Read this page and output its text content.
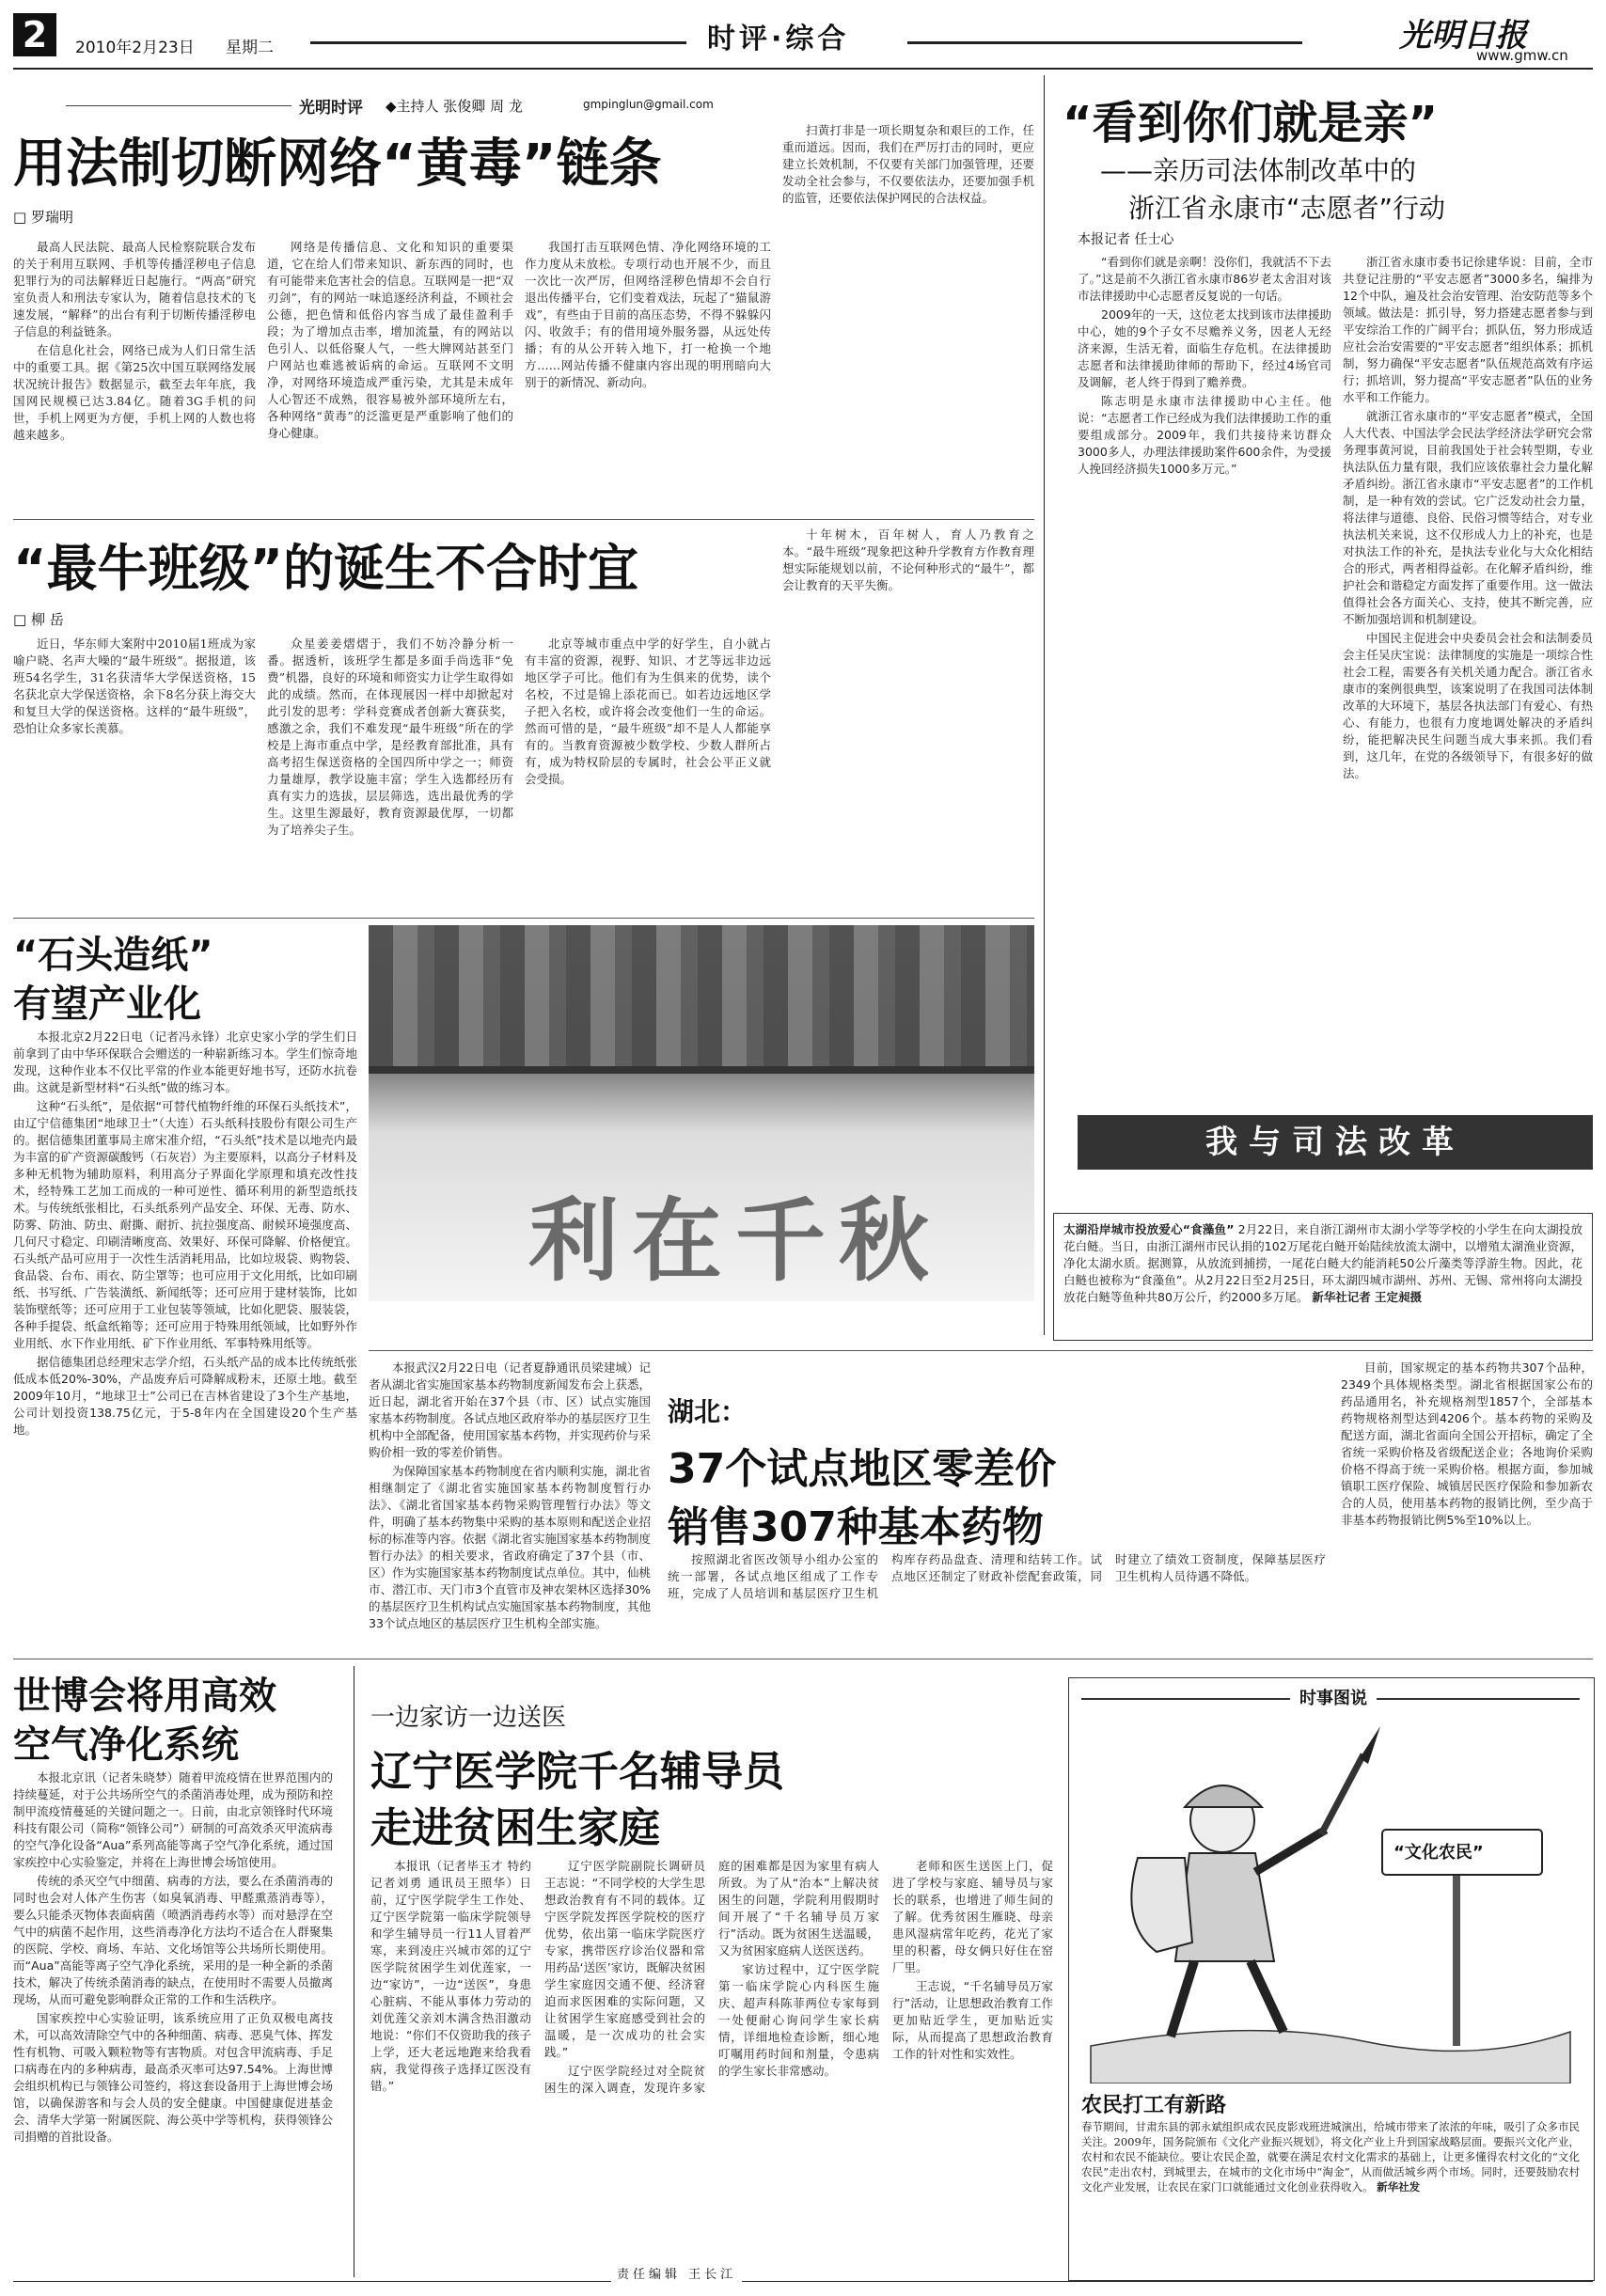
2	2010年2月23日 星期二	时评·综合	光明日报
www.gmw.cn
光明时评 ◆主持人 张俊卿 周 龙	gmpinglun@gmail.com
用法制切断网络“黄毒”链条
□ 罗瑞明

最高人民法院、最高人民检察院联合发布的关于利用互联网、手机等传播淫秽电子信息犯罪行为的司法解释近日起施行。“两高”研究室负责人和刑法专家认为，随着信息技术的飞速发展，“解释”的出台有利于切断传播淫秽电子信息的利益链条。

在信息化社会，网络已成为人们日常生活中的重要工具。据《第25次中国互联网络发展状况统计报告》数据显示，截至去年年底，我国网民规模已达3.84亿。随着3G手机的问世，手机上网更为方便，手机上网的人数也将越来越多。

网络是传播信息、文化和知识的重要渠道，它在给人们带来知识、新东西的同时，也有可能带来危害社会的信息。互联网是一把“双刃剑”，有的网站一味追逐经济利益，不顾社会公德，把色情和低俗内容当成了最佳盈利手段；为了增加点击率，增加流量，有的网站以色引人、以低俗聚人气，一些大牌网站甚至门户网站也难逃被诟病的命运。互联网不文明净，对网络环境造成严重污染，尤其是未成年人心智还不成熟，很容易被外部环境所左右，各种网络“黄毒”的泛滥更是严重影响了他们的身心健康。

我国打击互联网色情、净化网络环境的工作力度从未放松。专项行动也开展不少，而且一次比一次严厉，但网络淫秽色情却不会自行退出传播平台，它们变着戏法，玩起了“猫鼠游戏”，有些由于目前的高压态势，不得不躲躲闪闪、收敛手；有的借用境外服务器，从远处传播；有的从公开转入地下，打一枪换一个地方……网站传播不健康内容出现的明刑暗向大别于的新情况、新动向。

扫黄打非是一项长期复杂和艰巨的工作，任重而道远。因而，我们在严厉打击的同时，更应建立长效机制，不仅要有关部门加强管理，还要发动全社会参与，不仅要依法办，还要加强手机的监管，还要依法保护网民的合法权益。

“最牛班级”的诞生不合时宜
□ 柳 岳

近日，华东师大案附中2010届1班成为家喻户晓、名声大噪的“最牛班级”。据报道，该班54名学生，31名获清华大学保送资格，15名获北京大学保送资格，余下8名分获上海交大和复旦大学的保送资格。这样的“最牛班级”，恐怕让众多家长羡慕。

众星姜姜熠熠于，我们不妨冷静分析一番。据透析，该班学生都是多面手尚选菲“免费”机器，良好的环境和师资实力让学生取得如此的成绩。然而，在体现展因一样中却掀起对此引发的思考：学科竞赛成者创新大赛获奖，感激之余，我们不难发现“最牛班级”所在的学校是上海市重点中学，是经教育部批准，具有高考招生保送资格的全国四所中学之一；师资力量雄厚，教学设施丰富；学生入选都经历有真有实力的选拔，层层筛选，选出最优秀的学生。这里生源最好，教育资源最优厚，一切都为了培养尖子生。

北京等城市重点中学的好学生，自小就占有丰富的资源，视野、知识、才艺等远非边远地区学子可比。他们有为生俱来的优势，读个名校，不过是锦上添花而已。如若边远地区学子把入名校，或许将会改变他们一生的命运。然而可惜的是，“最牛班级”却不是人人都能享有的。当教育资源被少数学校、少数人群所占有，成为特权阶层的专属时，社会公平正义就会受损。

十年树木，百年树人，育人乃教育之本。“最牛班级”现象把这种升学教育方作教育理想实际能规划以前，不论何种形式的“最牛”，都会让教育的天平失衡。

“看到你们就是亲”
——亲历司法体制改革中的
浙江省永康市“志愿者”行动
本报记者 任士心

“看到你们就是亲啊！没你们，我就活不下去了。”这是前不久浙江省永康市86岁老太舍泪对该市法律援助中心志愿者反复说的一句话。

2009年的一天，这位老太找到该市法律援助中心，她的9个子女不尽赡养义务，因老人无经济来源，生活无着，面临生存危机。在法律援助志愿者和法律援助律师的帮助下，经过4场官司及调解，老人终于得到了赡养费。

陈志明是永康市法律援助中心主任。他说：“志愿者工作已经成为我们法律援助工作的重要组成部分。2009年，我们共接待来访群众3000多人，办理法律援助案件600余件，为受援人挽回经济损失1000多万元。”

浙江省永康市委书记徐建华说：目前，全市共登记注册的“平安志愿者”3000多名，编排为12个中队，遍及社会治安管理、治安防范等多个领域。做法是：抓引导，努力搭建志愿者参与到平安综治工作的广阔平台；抓队伍，努力形成适应社会治安需要的“平安志愿者”组织体系；抓机制，努力确保“平安志愿者”队伍规范高效有序运行；抓培训，努力提高“平安志愿者”队伍的业务水平和工作能力。

就浙江省永康市的“平安志愿者”模式，全国人大代表、中国法学会民法学经济法学研究会常务理事黄河说，目前我国处于社会转型期，专业执法队伍力量有限，我们应该依靠社会力量化解矛盾纠纷。浙江省永康市“平安志愿者”的工作机制，是一种有效的尝试。它广泛发动社会力量，将法律与道德、良俗、民俗习惯等结合，对专业执法机关来说，这不仅形成人力上的补充，也是对执法工作的补充，是执法专业化与大众化相结合的形式，两者相得益彰。在化解矛盾纠纷，维护社会和谐稳定方面发挥了重要作用。这一做法值得社会各方面关心、支持，使其不断完善，应不断加强培训和机制建设。

中国民主促进会中央委员会社会和法制委员会主任吴庆宝说：法律制度的实施是一项综合性社会工程，需要各有关机关通力配合。浙江省永康市的案例很典型，该案说明了在我国司法体制改革的大环境下，基层各执法部门有爱心、有热心、有能力，也很有力度地调处解决的矛盾纠纷，能把解决民生问题当成大事来抓。我们看到，这几年，在党的各级领导下，有很多好的做法。

我与司法改革
利在千秋
“石头造纸”
有望产业化

本报北京2月22日电（记者冯永锋）北京史家小学的学生们日前拿到了由中华环保联合会赠送的一种崭新练习本。学生们惊奇地发现，这种作业本不仅比平常的作业本能更好地书写，还防水抗卷曲。这就是新型材料“石头纸”做的练习本。

这种“石头纸”，是依据“可替代植物纤维的环保石头纸技术”，由辽宁信德集团“地球卫士”（大连）石头纸科技股份有限公司生产的。据信德集团董事局主席宋准介绍，“石头纸”技术是以地壳内最为丰富的矿产资源碳酸钙（石灰岩）为主要原料，以高分子材料及多种无机物为辅助原料，利用高分子界面化学原理和填充改性技术，经特殊工艺加工而成的一种可逆性、循环利用的新型造纸技术。与传统纸张相比，石头纸系列产品安全、环保、无毒、防水、防雾、防油、防虫、耐撕、耐折、抗拉强度高、耐候环境强度高、几何尺寸稳定、印刷清晰度高、效果好、环保可降解、价格便宜。石头纸产品可应用于一次性生活消耗用品，比如垃圾袋、购物袋、食品袋、台布、雨衣、防尘罩等；也可应用于文化用纸，比如印刷纸、书写纸、广告装潢纸、新闻纸等；还可应用于建材装饰，比如装饰壁纸等；还可应用于工业包装等领域，比如化肥袋、服装袋，各种手提袋、纸盒纸箱等；还可应用于特殊用纸领域，比如野外作业用纸、水下作业用纸、矿下作业用纸、军事特殊用纸等。

据信德集团总经理宋志学介绍，石头纸产品的成本比传统纸张低成本低20%-30%，产品废弃后可降解成粉末，还原土地。截至2009年10月，“地球卫士”公司已在吉林省建设了3个生产基地，公司计划投资138.75亿元，于5-8年内在全国建设20个生产基地。

太湖沿岸城市投放爱心“食藻鱼” 2月22日，来自浙江湖州市太湖小学等学校的小学生在向太湖投放花白鲢。当日，由浙江湖州市民认捐的102万尾花白鲢开始陆续放流太湖中，以增殖太湖渔业资源，净化太湖水质。据测算，从放流到捕捞，一尾花白鲢大约能消耗50公斤藻类等浮游生物。因此，花白鲢也被称为“食藻鱼”。从2月22日至2月25日，环太湖四城市湖州、苏州、无锡、常州将向太湖投放花白鲢等鱼种共80万公斤，约2000多万尾。 新华社记者 王定昶摄

本报武汉2月22日电（记者夏静通讯员梁建城）记者从湖北省实施国家基本药物制度新闻发布会上获悉，近日起，湖北省开始在37个县（市、区）试点实施国家基本药物制度。各试点地区政府举办的基层医疗卫生机构中全部配备，使用国家基本药物，并实现药价与采购价相一致的零差价销售。

为保障国家基本药物制度在省内顺利实施，湖北省相继制定了《湖北省实施国家基本药物制度暂行办法》、《湖北省国家基本药物采购管理暂行办法》等文件，明确了基本药物集中采购的基本原则和配送企业招标的标准等内容。依据《湖北省实施国家基本药物制度暂行办法》的相关要求，省政府确定了37个县（市、区）作为实施国家基本药物制度试点单位。其中，仙桃市、潜江市、天门市3个直管市及神农架林区选择30%的基层医疗卫生机构试点实施国家基本药物制度，其他33个试点地区的基层医疗卫生机构全部实施。

湖北：
37个试点地区零差价
销售307种基本药物

按照湖北省医改领导小组办公室的统一部署，各试点地区组成了工作专班，完成了人员培训和基层医疗卫生机构库存药品盘查、清理和结转工作。试点地区还制定了财政补偿配套政策，同时建立了绩效工资制度，保障基层医疗卫生机构人员待遇不降低。

目前，国家规定的基本药物共307个品种，2349个具体规格类型。湖北省根据国家公布的药品通用名，补充规格剂型1857个，全部基本药物规格剂型达到4206个。基本药物的采购及配送方面，湖北省面向全国公开招标，确定了全省统一采购价格及省级配送企业；各地询价采购价格不得高于统一采购价格。根据方面，参加城镇职工医疗保险、城镇居民医疗保险和参加新农合的人员，使用基本药物的报销比例，至少高于非基本药物报销比例5%至10%以上。

世博会将用高效
空气净化系统

本报北京讯（记者朱晓梦）随着甲流疫情在世界范围内的持续蔓延，对于公共场所空气的杀菌消毒处理，成为预防和控制甲流疫情蔓延的关键问题之一。日前，由北京领锋时代环境科技有限公司（简称“领锋公司”）研制的可高效杀灭甲流病毒的空气净化设备“Aua”系列高能等离子空气净化系统，通过国家疾控中心实验鉴定，并将在上海世博会场馆使用。

传统的杀灭空气中细菌、病毒的方法，要么在杀菌消毒的同时也会对人体产生伤害（如臭氧消毒、甲醛熏蒸消毒等），要么只能杀灭物体表面病菌（喷洒消毒药水等）而对悬浮在空气中的病菌不起作用，这些消毒净化方法均不适合在人群聚集的医院、学校、商场、车站、文化场馆等公共场所长期使用。而“Aua”高能等离子空气净化系统，采用的是一种全新的杀菌技术，解决了传统杀菌消毒的缺点，在使用时不需要人员撤离现场，从而可避免影响群众正常的工作和生活秩序。

国家疾控中心实验证明，该系统应用了正负双极电离技术，可以高效清除空气中的各种细菌、病毒、恶臭气体、挥发性有机物、可吸入颗粒物等有害物质。对包含甲流病毒、手足口病毒在内的多种病毒，最高杀灭率可达97.54%。上海世博会组织机构已与领锋公司签约，将这套设备用于上海世博会场馆，以确保游客和与会人员的安全健康。中国健康促进基金会、清华大学第一附属医院、海公英中学等机构，获得领锋公司捐赠的首批设备。

一边家访一边送医
辽宁医学院千名辅导员
走进贫困生家庭

本报讯（记者毕玉才 特约记者刘勇 通讯员王照华）日前，辽宁医学院学生工作处、辽宁医学院第一临床学院领导和学生辅导员一行11人冒着严寒，来到凌庄兴城市郊的辽宁医学院贫困学生刘优莲家，一边“家访”，一边“送医”，身患心脏病、不能从事体力劳动的刘优莲父亲刘木满含热泪激动地说：“你们不仅资助我的孩子上学，还大老远地跑来给我看病，我觉得孩子选择辽医没有错。”

辽宁医学院副院长调研员王志说：“不同学校的大学生思想政治教育有不同的载体。辽宁医学院发挥医学院校的医疗优势，依出第一临床学院医疗专家，携带医疗诊治仪器和常用药品‘送医’家访，既解决贫困学生家庭因交通不便、经济窘迫而求医困难的实际问题，又让贫困学生家庭感受到社会的温暖，是一次成功的社会实践。”

辽宁医学院经过对全院贫困生的深入调查，发现许多家庭的困难都是因为家里有病人所致。为了从“治本”上解决贫困生的问题，学院利用假期时间开展了“千名辅导员万家行”活动。既为贫困生送温暖，又为贫困家庭病人送医送药。

家访过程中，辽宁医学院第一临床学院心内科医生施庆、超声科陈菲两位专家每到一处便耐心询问学生家长病情，详细地检查诊断，细心地叮嘱用药时间和剂量，令患病的学生家长非常感动。

老师和医生送医上门，促进了学校与家庭、辅导员与家长的联系，也增进了师生间的了解。优秀贫困生雁晓、母亲患风湿病常年吃药，花光了家里的积蓄，母女俩只好住在窑厂里。

王志说，“千名辅导员万家行”活动，让思想政治教育工作更加贴近学生，更加贴近实际，从而提高了思想政治教育工作的针对性和实效性。

时事图说
“文化农民”
农民打工有新路
春节期间，甘肃东县的郭永斌组织成农民皮影戏班进城演出，给城市带来了浓浓的年味，吸引了众多市民关注。2009年，国务院颁布《文化产业振兴规划》，将文化产业上升到国家战略层面。要振兴文化产业，农村和农民不能缺位。要让农民企盈，就要在满足农村文化需求的基础上，让更多懂得农村文化的“文化农民”走出农村，到城里去，在城市的文化市场中“淘金”，从而做活城乡两个市场。同时，还要鼓励农村文化产业发展，让农民在家门口就能通过文化创业获得收入。 新华社发
责任编辑 王长江
